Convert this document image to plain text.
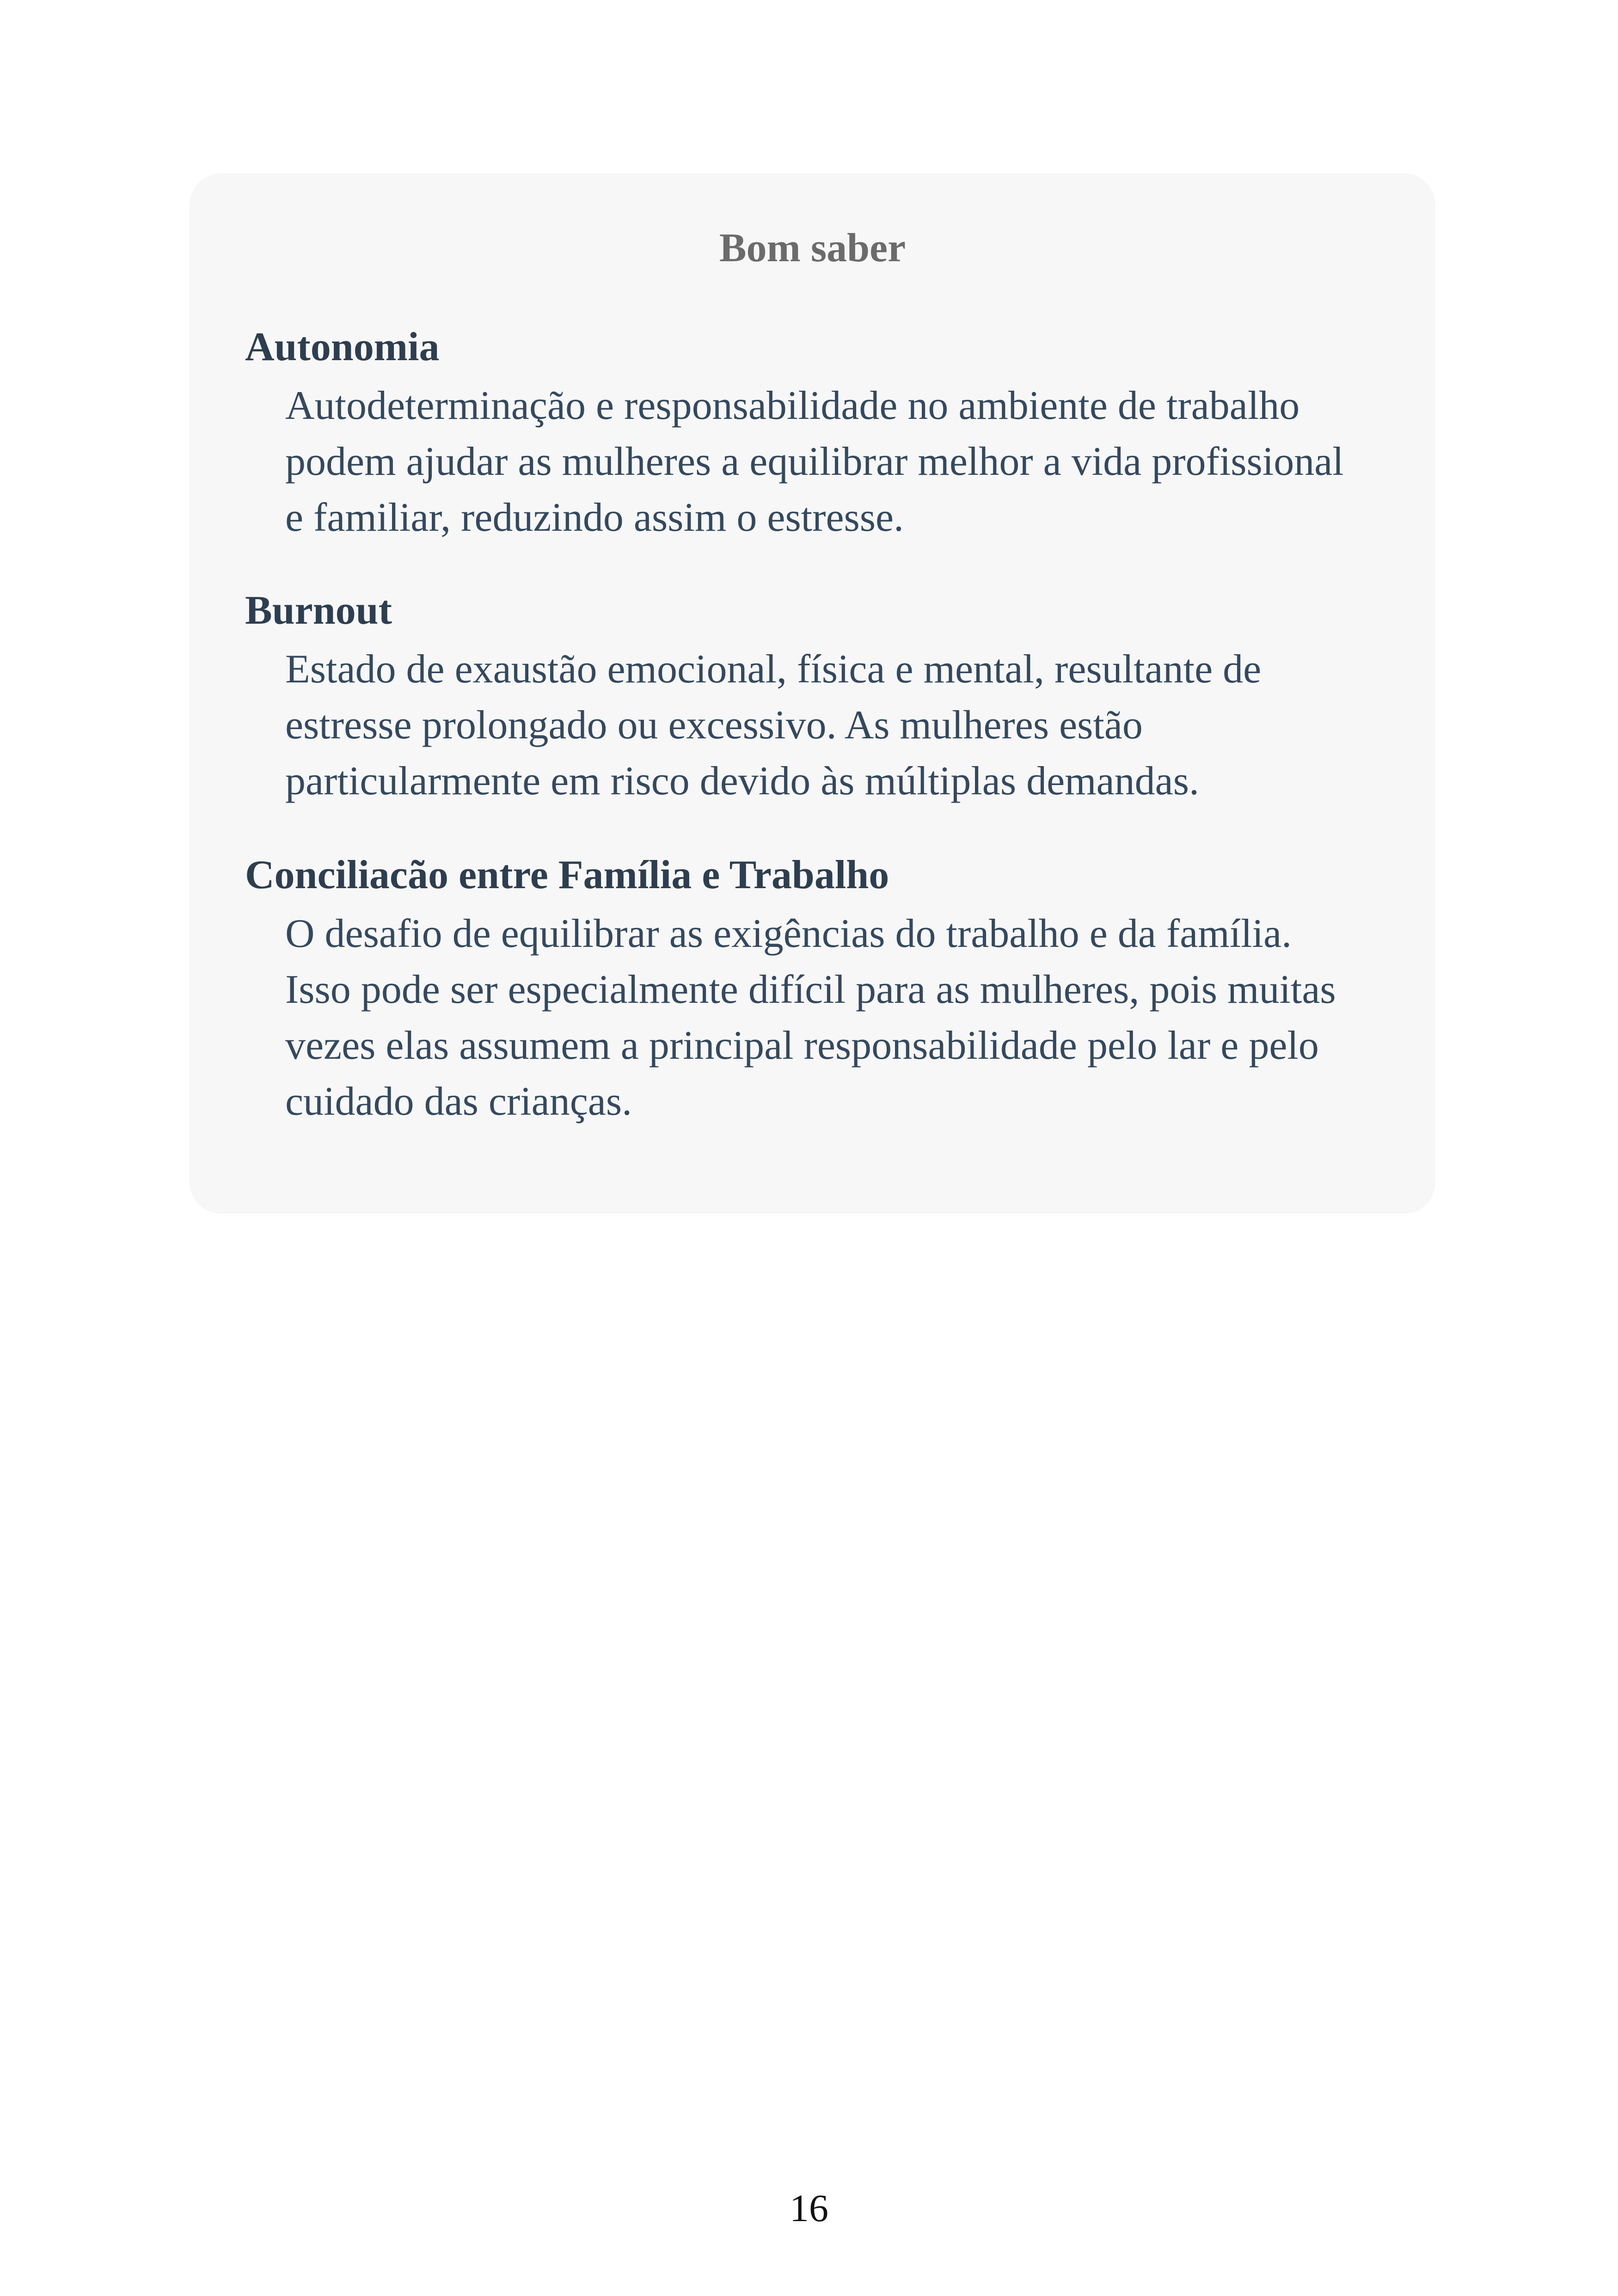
Bom saber
Autonomia
Autodeterminação e responsabilidade no ambiente de trabalho podem ajudar as mulheres a equilibrar melhor a vida profissional e familiar, reduzindo assim o estresse.
Burnout
Estado de exaustão emocional, física e mental, resultante de estresse prolongado ou excessivo. As mulheres estão particularmente em risco devido às múltiplas demandas.
Conciliacão entre Família e Trabalho
O desafio de equilibrar as exigências do trabalho e da família. Isso pode ser especialmente difícil para as mulheres, pois muitas vezes elas assumem a principal responsabilidade pelo lar e pelo cuidado das crianças.
16
